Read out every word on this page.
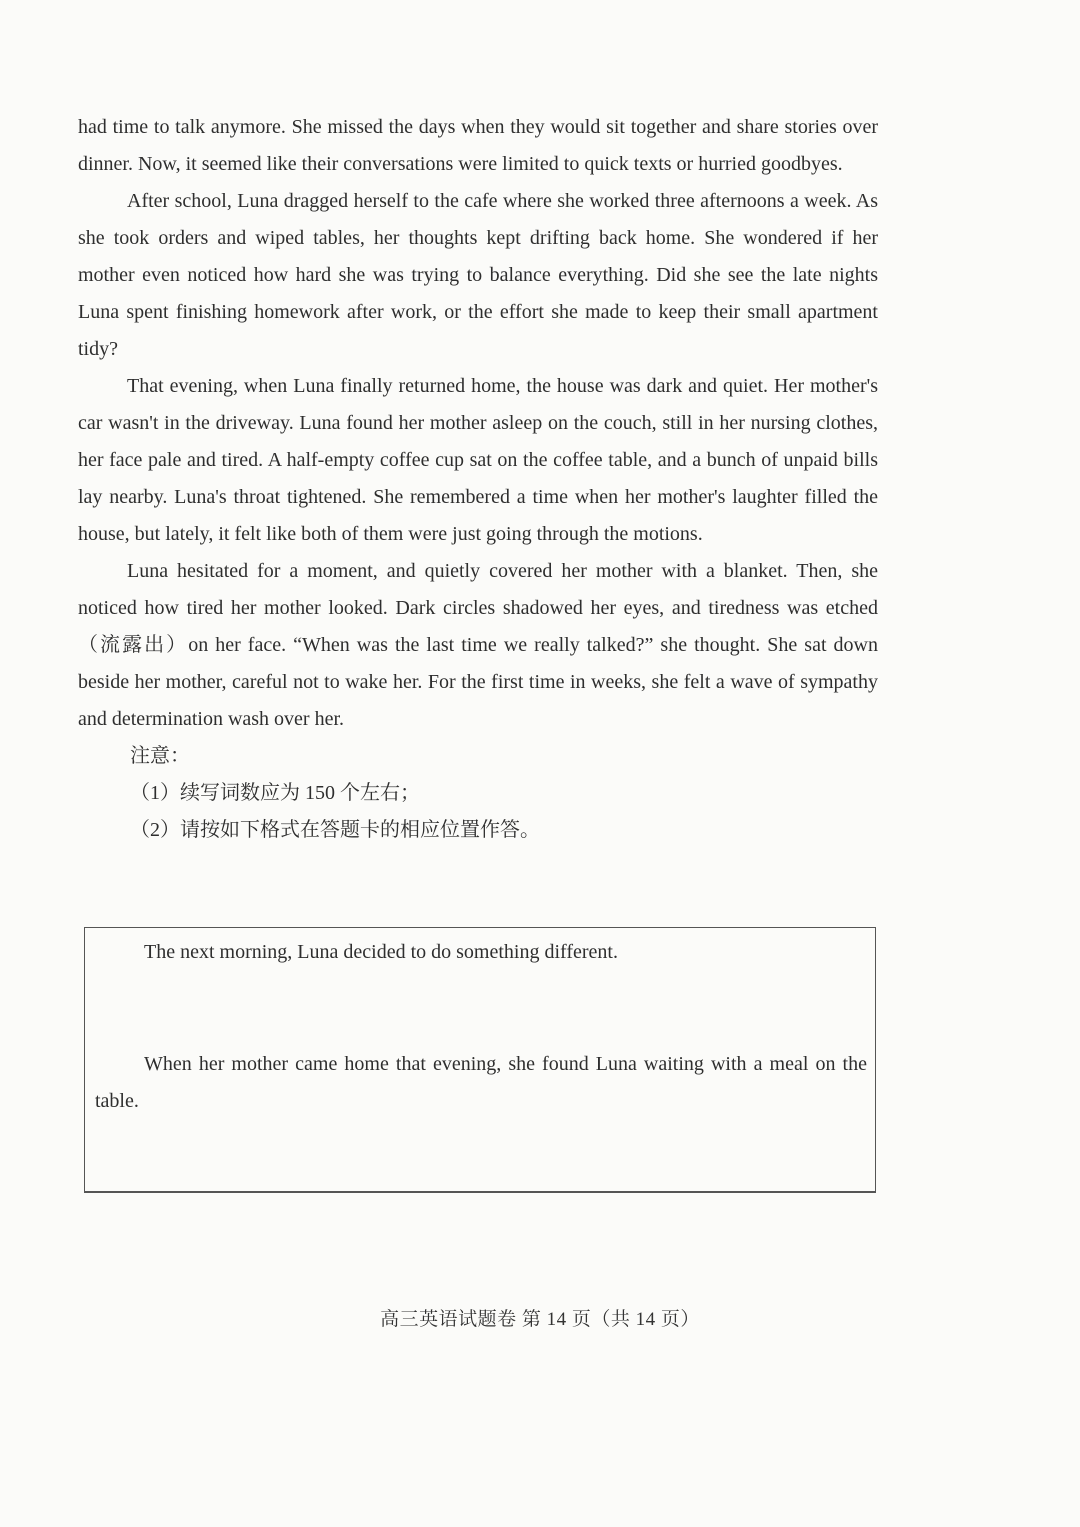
had time to talk anymore. She missed the days when they would sit together and share stories over dinner. Now, it seemed like their conversations were limited to quick texts or hurried goodbyes.

After school, Luna dragged herself to the cafe where she worked three afternoons a week. As she took orders and wiped tables, her thoughts kept drifting back home. She wondered if her mother even noticed how hard she was trying to balance everything. Did she see the late nights Luna spent finishing homework after work, or the effort she made to keep their small apartment tidy?

That evening, when Luna finally returned home, the house was dark and quiet. Her mother's car wasn't in the driveway. Luna found her mother asleep on the couch, still in her nursing clothes, her face pale and tired. A half-empty coffee cup sat on the coffee table, and a bunch of unpaid bills lay nearby. Luna's throat tightened. She remembered a time when her mother's laughter filled the house, but lately, it felt like both of them were just going through the motions.

Luna hesitated for a moment, and quietly covered her mother with a blanket. Then, she noticed how tired her mother looked. Dark circles shadowed her eyes, and tiredness was etched（流露出）on her face. “When was the last time we really talked?” she thought. She sat down beside her mother, careful not to wake her. For the first time in weeks, she felt a wave of sympathy and determination wash over her.

注意：
（1）续写词数应为 150 个左右；
（2）请按如下格式在答题卡的相应位置作答。

The next morning, Luna decided to do something different.

When her mother came home that evening, she found Luna waiting with a meal on the table.

高三英语试题卷 第 14 页（共 14 页）
